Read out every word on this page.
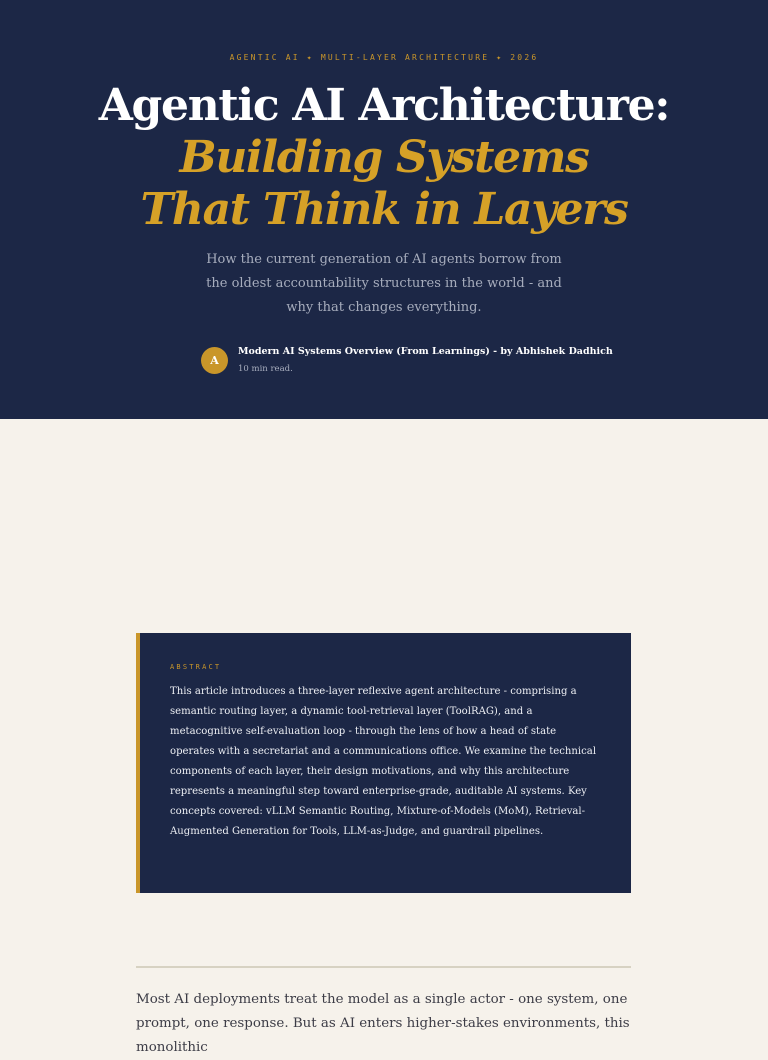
AGENTIC AI ✦ MULTI-LAYER ARCHITECTURE ✦ 2026
Agentic AI Architecture:
Building Systems That Think in Layers

How the current generation of AI agents borrow from the oldest accountability structures in the world - and why that changes everything.

A
Modern AI Systems Overview (From Learnings) - by Abhishek Dadhich
10 min read.
ABSTRACT

This article introduces a three-layer reflexive agent architecture - comprising a semantic routing layer, a dynamic tool-retrieval layer (ToolRAG), and a metacognitive self-evaluation loop - through the lens of how a head of state operates with a secretariat and a communications office. We examine the technical components of each layer, their design motivations, and why this architecture represents a meaningful step toward enterprise-grade, auditable AI systems. Key concepts covered: vLLM Semantic Routing, Mixture-of-Models (MoM), Retrieval-Augmented Generation for Tools, LLM-as-Judge, and guardrail pipelines.

Most AI deployments treat the model as a single actor - one system, one prompt, one response. But as AI enters higher-stakes environments, this monolithic
